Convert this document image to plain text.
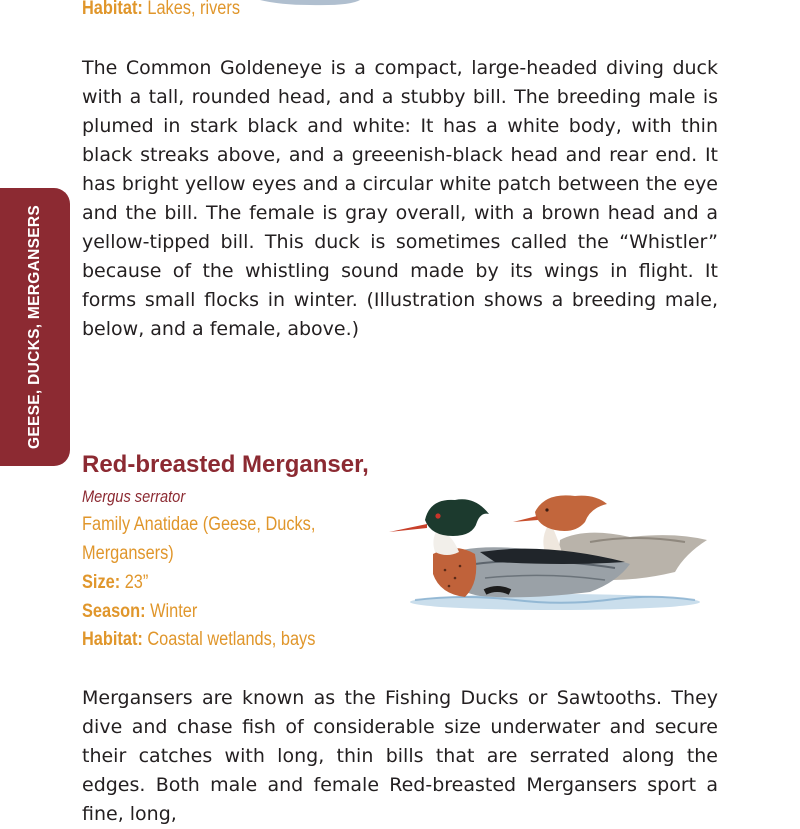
Habitat: Lakes, rivers
The Common Goldeneye is a compact, large-headed diving duck with a tall, rounded head, and a stubby bill. The breeding male is plumed in stark black and white: It has a white body, with thin black streaks above, and a greeenish-black head and rear end. It has bright yellow eyes and a circular white patch between the eye and the bill. The female is gray overall, with a brown head and a yellow-tipped bill. This duck is sometimes called the “Whistler” because of the whistling sound made by its wings in flight. It forms small flocks in winter. (Illustration shows a breeding male, below, and a female, above.)
GEESE, DUCKS, MERGANSERS
Red-breasted Merganser,
Mergus serrator
Family Anatidae (Geese, Ducks,
Mergansers)
Size: 23”
Season: Winter
Habitat: Coastal wetlands, bays
Mergansers are known as the Fishing Ducks or Sawtooths. They dive and chase fish of considerable size underwater and secure their catches with long, thin bills that are serrated along the edges. Both male and female Red-breasted Mergansers sport a fine, long,
